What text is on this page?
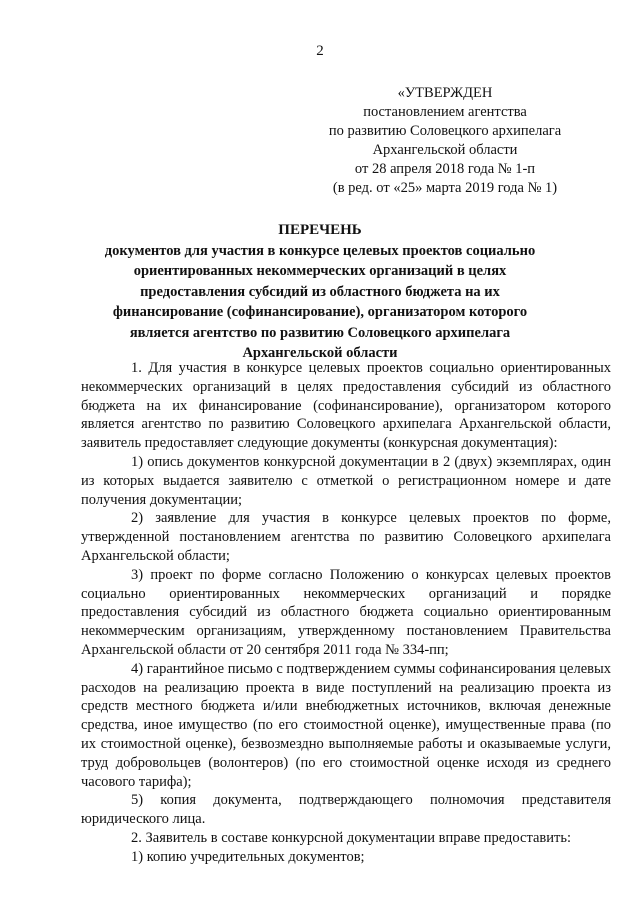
2
«УТВЕРЖДЕН
постановлением агентства
по развитию Соловецкого архипелага
Архангельской области
от 28 апреля 2018 года № 1-п
(в ред. от «25» марта 2019 года № 1)
ПЕРЕЧЕНЬ
документов для участия в конкурсе целевых проектов социально
ориентированных некоммерческих организаций в целях
предоставления субсидий из областного бюджета на их
финансирование (софинансирование), организатором которого
является агентство по развитию Соловецкого архипелага
Архангельской области

1. Для участия в конкурсе целевых проектов социально ориентированных некоммерческих организаций в целях предоставления субсидий из областного бюджета на их финансирование (софинансирование), организатором которого является агентство по развитию Соловецкого архипелага Архангельской области, заявитель предоставляет следующие документы (конкурсная документация):

1) опись документов конкурсной документации в 2 (двух) экземплярах, один из которых выдается заявителю с отметкой о регистрационном номере и дате получения документации;

2) заявление для участия в конкурсе целевых проектов по форме, утвержденной постановлением агентства по развитию Соловецкого архипелага Архангельской области;

3) проект по форме согласно Положению о конкурсах целевых проектов социально ориентированных некоммерческих организаций и порядке предоставления субсидий из областного бюджета социально ориентированным некоммерческим организациям, утвержденному постановлением Правительства Архангельской области от 20 сентября 2011 года № 334-пп;

4) гарантийное письмо с подтверждением суммы софинансирования целевых расходов на реализацию проекта в виде поступлений на реализацию проекта из средств местного бюджета и/или внебюджетных источников, включая денежные средства, иное имущество (по его стоимостной оценке), имущественные права (по их стоимостной оценке), безвозмездно выполняемые работы и оказываемые услуги, труд добровольцев (волонтеров) (по его стоимостной оценке исходя из среднего часового тарифа);

5) копия документа, подтверждающего полномочия представителя юридического лица.

2. Заявитель в составе конкурсной документации вправе предоставить:

1) копию учредительных документов;
